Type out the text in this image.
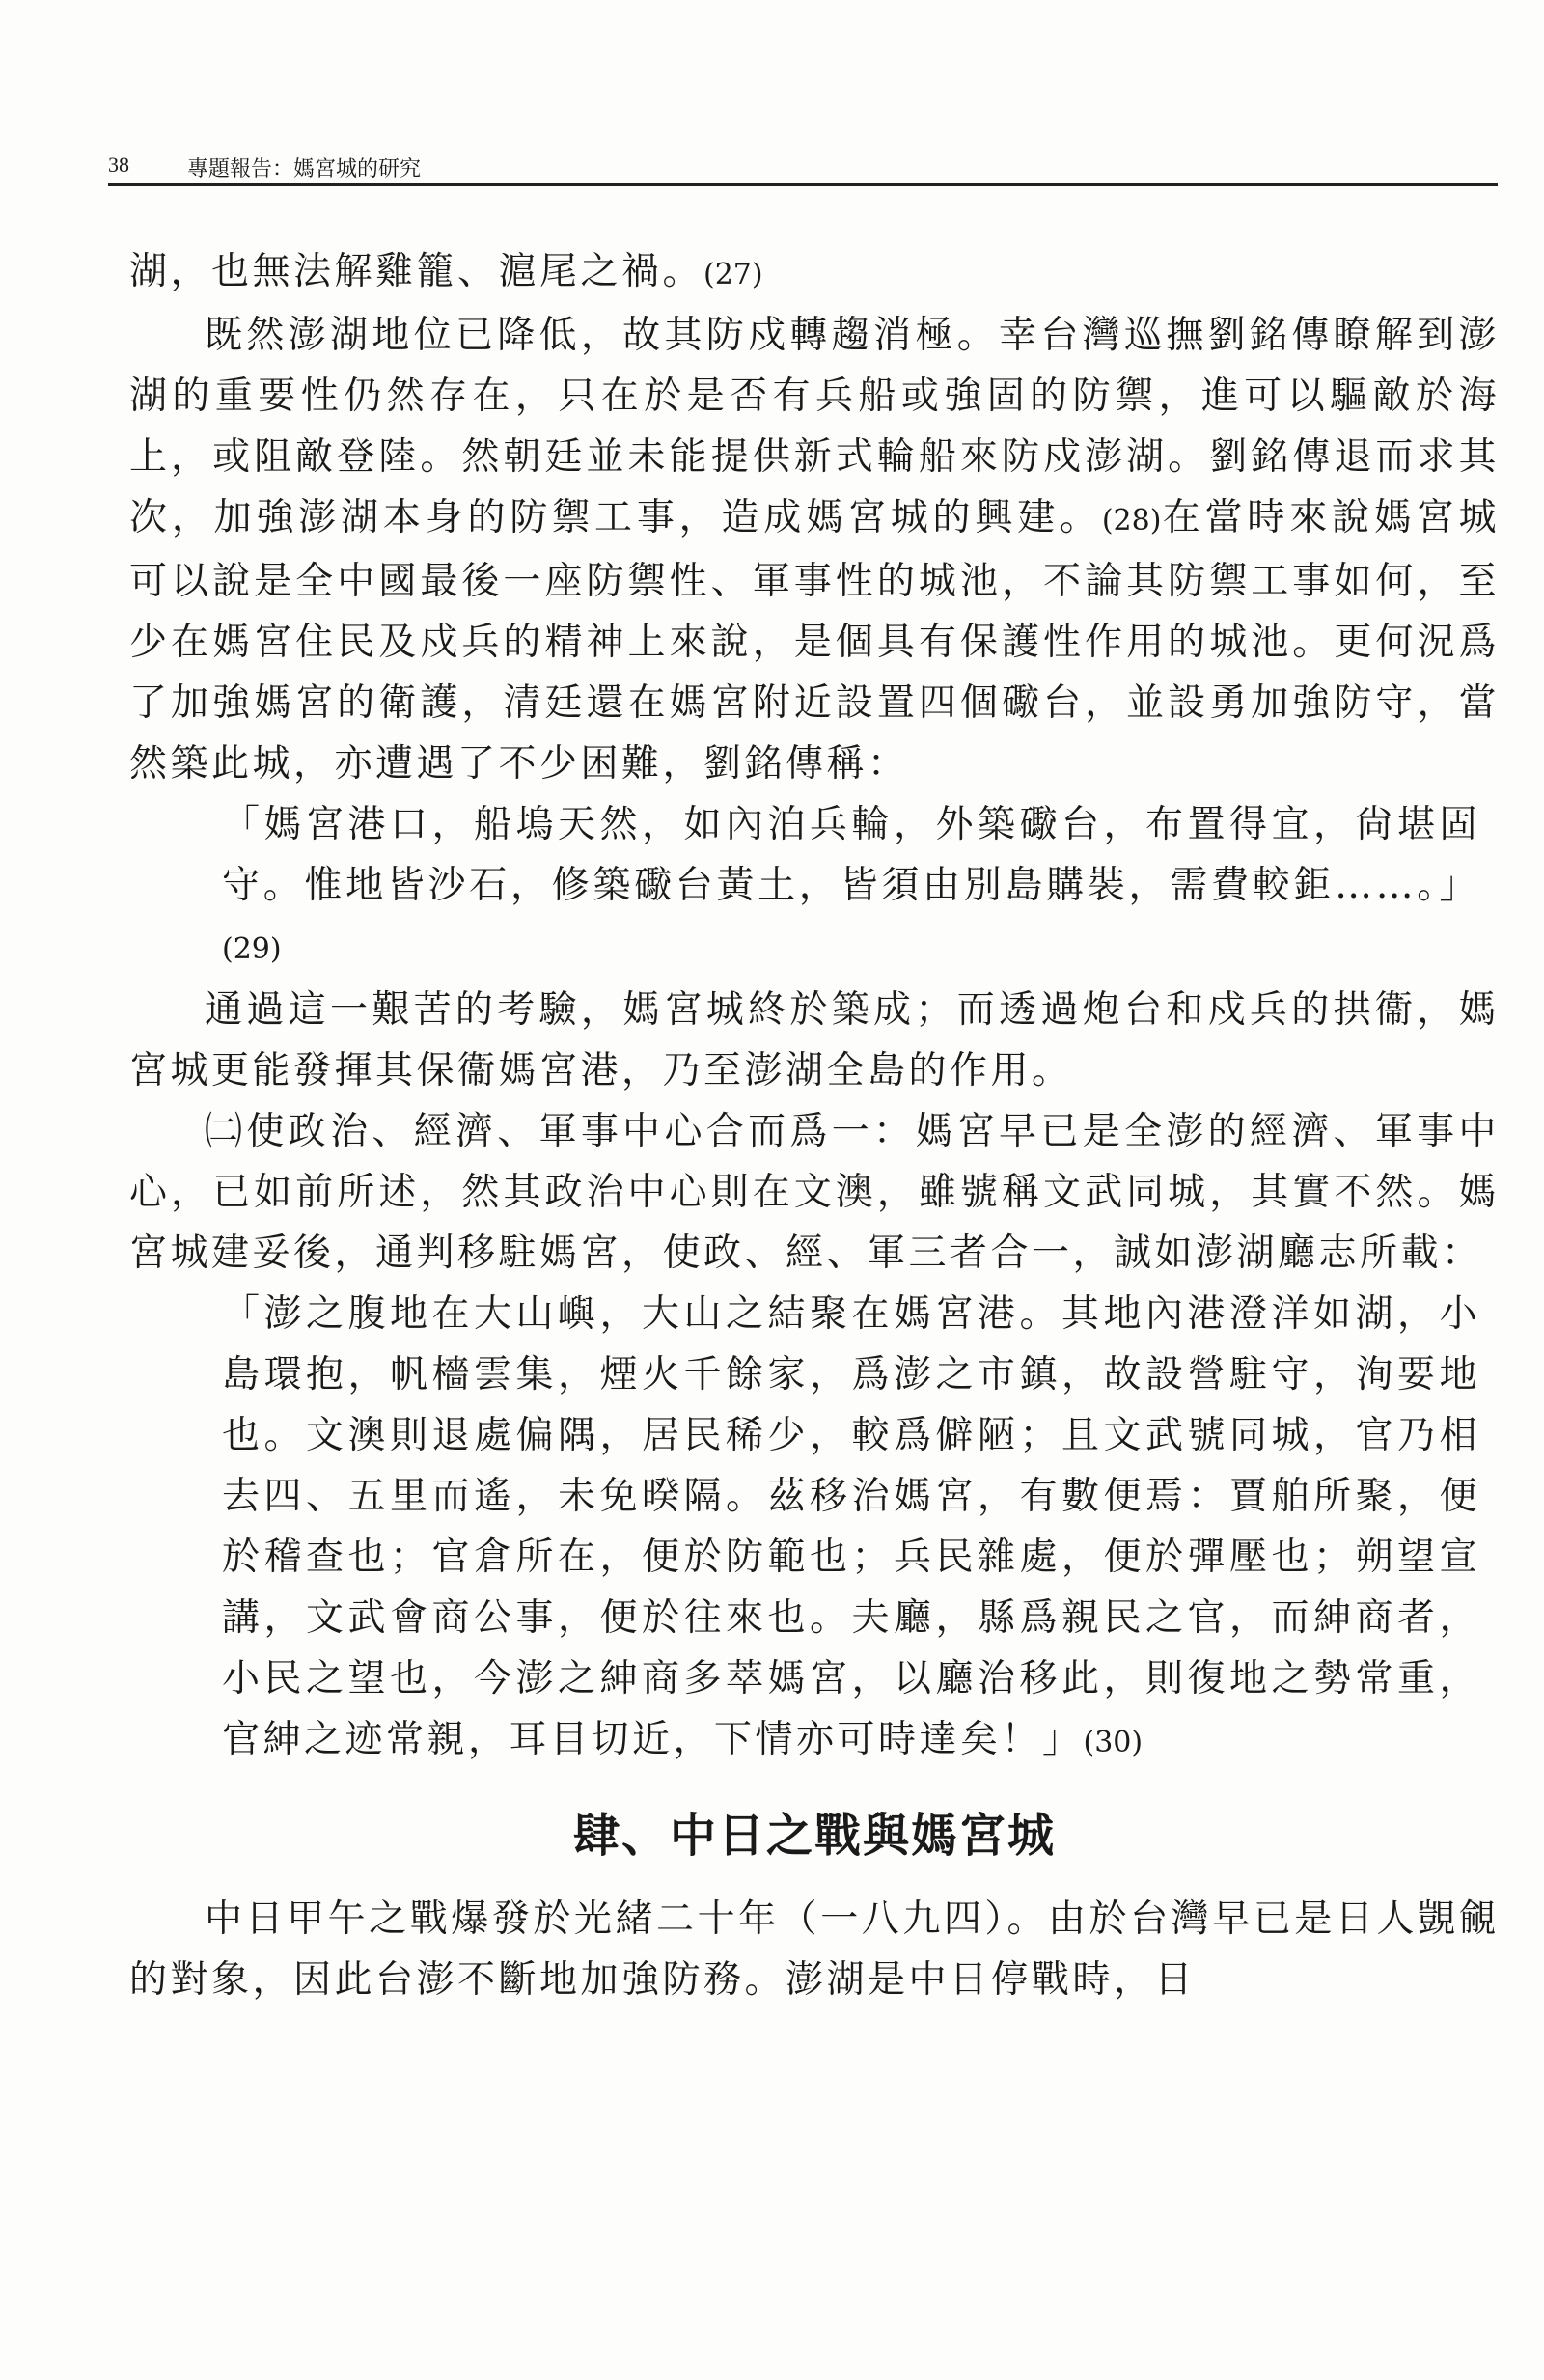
38	專題報告：媽宮城的研究

湖，也無法解雞籠、滬尾之禍。(27)

既然澎湖地位已降低，故其防戍轉趨消極。幸台灣巡撫劉銘傳瞭解到澎湖的重要性仍然存在，只在於是否有兵船或強固的防禦，進可以驅敵於海上，或阻敵登陸。然朝廷並未能提供新式輪船來防戍澎湖。劉銘傳退而求其次，加強澎湖本身的防禦工事，造成媽宮城的興建。(28)在當時來說媽宮城可以說是全中國最後一座防禦性、軍事性的城池，不論其防禦工事如何，至少在媽宮住民及戍兵的精神上來說，是個具有保護性作用的城池。更何況爲了加強媽宮的衛護，清廷還在媽宮附近設置四個礮台，並設勇加強防守，當然築此城，亦遭遇了不少困難，劉銘傳稱：

「媽宮港口，船塢天然，如內泊兵輪，外築礮台，布置得宜，尙堪固守。惟地皆沙石，修築礮台黃土，皆須由別島購裝，需費較鉅……。」(29)

通過這一艱苦的考驗，媽宮城終於築成；而透過炮台和戍兵的拱衞，媽宮城更能發揮其保衞媽宮港，乃至澎湖全島的作用。

㈡使政治、經濟、軍事中心合而爲一：媽宮早已是全澎的經濟、軍事中心，已如前所述，然其政治中心則在文澳，雖號稱文武同城，其實不然。媽宮城建妥後，通判移駐媽宮，使政、經、軍三者合一，誠如澎湖廳志所載：

「澎之腹地在大山嶼，大山之結聚在媽宮港。其地內港澄洋如湖，小島環抱，帆檣雲集，煙火千餘家，爲澎之市鎮，故設營駐守，洵要地也。文澳則退處偏隅，居民稀少，較爲僻陋；且文武號同城，官乃相去四、五里而遙，未免暌隔。茲移治媽宮，有數便焉：賈舶所聚，便於稽查也；官倉所在，便於防範也；兵民雜處，便於彈壓也；朔望宣講，文武會商公事，便於往來也。夫廳，縣爲親民之官，而紳商者，小民之望也，今澎之紳商多萃媽宮，以廳治移此，則復地之勢常重，官紳之迹常親，耳目切近，下情亦可時達矣！」(30)

肆、中日之戰與媽宮城

中日甲午之戰爆發於光緒二十年（一八九四）。由於台灣早已是日人覬覦的對象，因此台澎不斷地加強防務。澎湖是中日停戰時，日
